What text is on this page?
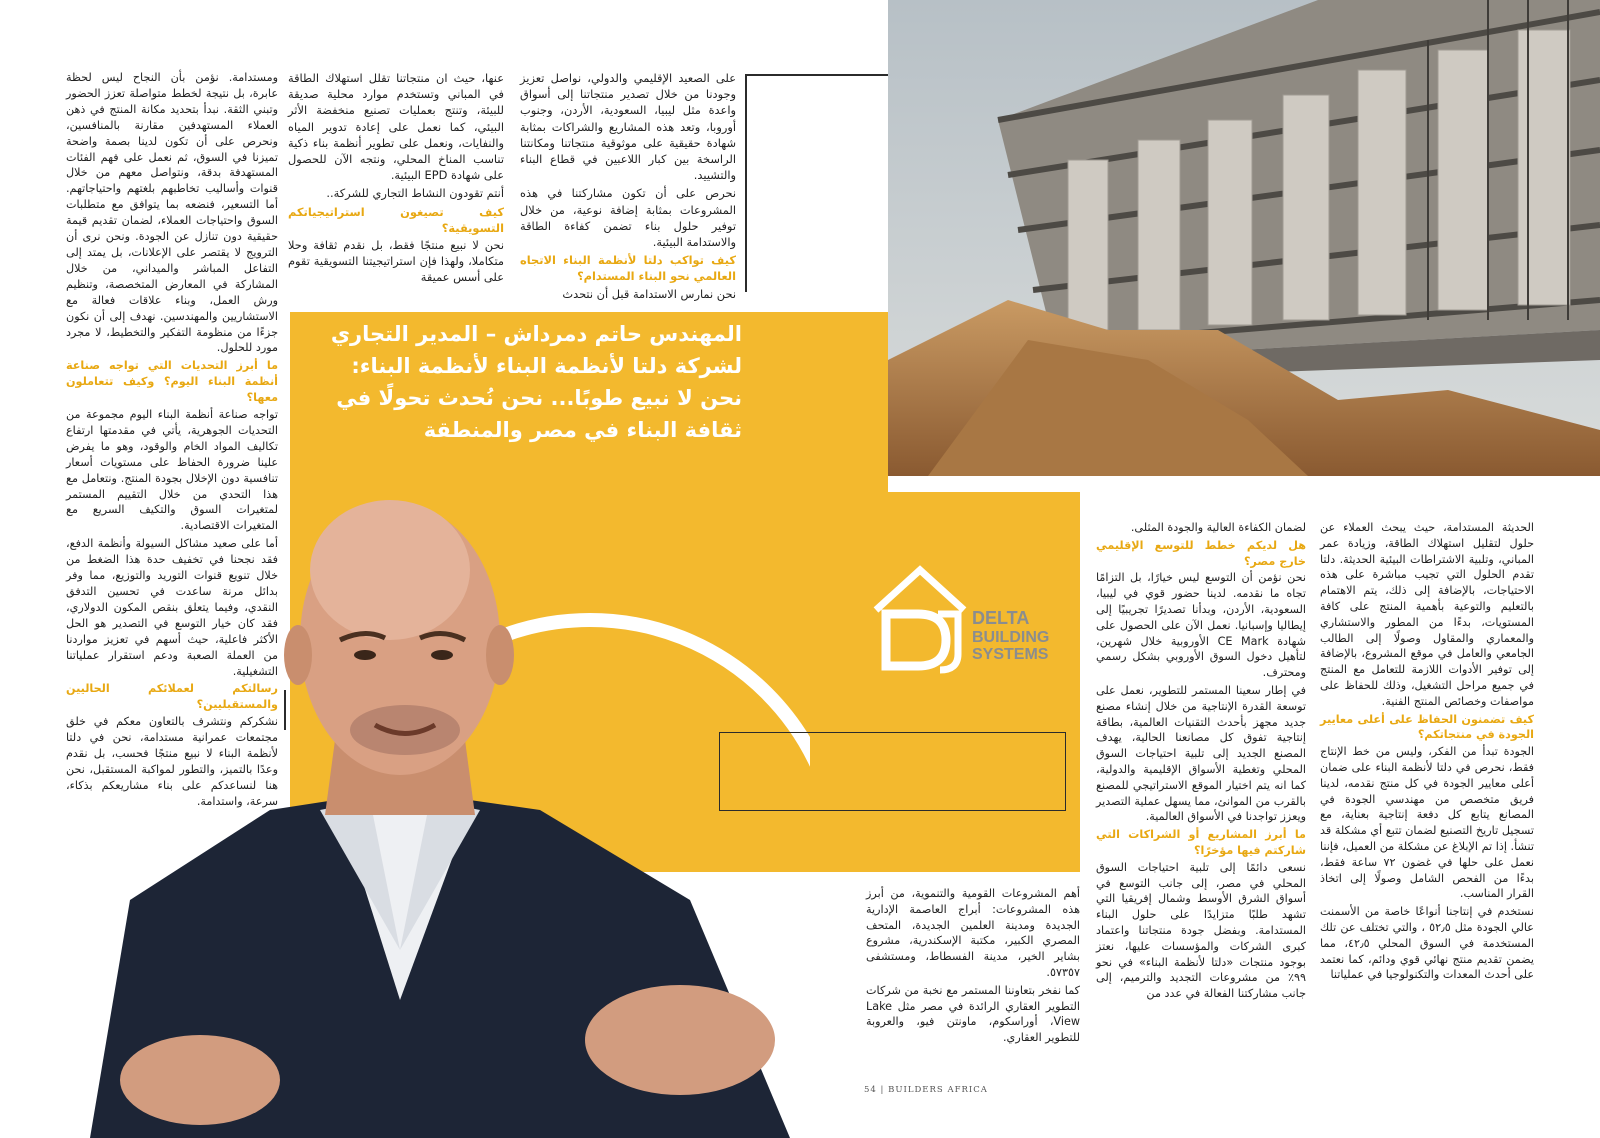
المهندس حاتم دمرداش – المدير التجاري لشركة دلتا لأنظمة البناء لأنظمة البناء: نحن لا نبيع طوبًا... نحن نُحدث تحولًا في ثقافة البناء في مصر والمنطقة

على الصعيد الإقليمي والدولي، نواصل تعزيز وجودنا من خلال تصدير منتجاتنا إلى أسواق واعدة مثل ليبيا، السعودية، الأردن، وجنوب أوروبا، وتعد هذه المشاريع والشراكات بمثابة شهادة حقيقية على موثوقية منتجاتنا ومكانتنا الراسخة بين كبار اللاعبين في قطاع البناء والتشييد.

نحرص على أن تكون مشاركتنا في هذه المشروعات بمثابة إضافة نوعية، من خلال توفير حلول بناء تضمن كفاءة الطاقة والاستدامة البيئية.

كيف تواكب دلتا لأنظمة البناء الاتجاه العالمي نحو البناء المستدام؟

نحن نمارس الاستدامة قبل أن نتحدث

عنها، حيث ان منتجاتنا تقلل استهلاك الطاقة في المباني وتستخدم موارد محلية صديقة للبيئة، وتنتج بعمليات تصنيع منخفضة الأثر البيئي، كما نعمل على إعادة تدوير المياه والنفايات، ونعمل على تطوير أنظمة بناء ذكية تناسب المناخ المحلي، ونتجه الآن للحصول على شهادة EPD البيئية.

أنتم تقودون النشاط التجاري للشركة..

كيف تصيغون استراتيجياتكم التسويقية؟

نحن لا نبيع منتجًا فقط، بل نقدم ثقافة وحلا متكاملا، ولهذا فإن استراتيجيتنا التسويقية تقوم على أسس عميقة

ومستدامة. نؤمن بأن النجاح ليس لحظة عابرة، بل نتيجة لخطط متواصلة تعزز الحضور وتبني الثقة. نبدأ بتحديد مكانة المنتج في ذهن العملاء المستهدفين مقارنة بالمنافسين، ونحرص على أن تكون لدينا بصمة واضحة تميزنا في السوق، ثم نعمل على فهم الفئات المستهدفة بدقة، ونتواصل معهم من خلال قنوات وأساليب تخاطبهم بلغتهم واحتياجاتهم. أما التسعير، فنضعه بما يتوافق مع متطلبات السوق واحتياجات العملاء، لضمان تقديم قيمة حقيقية دون تنازل عن الجودة. ونحن نرى أن الترويج لا يقتصر على الإعلانات، بل يمتد إلى التفاعل المباشر والميداني، من خلال المشاركة في المعارض المتخصصة، وتنظيم ورش العمل، وبناء علاقات فعالة مع الاستشاريين والمهندسين. نهدف إلى أن نكون جزءًا من منظومة التفكير والتخطيط، لا مجرد مورد للحلول.

ما أبرز التحديات التي تواجه صناعة أنظمة البناء اليوم؟ وكيف تتعاملون معها؟

تواجه صناعة أنظمة البناء اليوم مجموعة من التحديات الجوهرية، يأتي في مقدمتها ارتفاع تكاليف المواد الخام والوقود، وهو ما يفرض علينا ضرورة الحفاظ على مستويات أسعار تنافسية دون الإخلال بجودة المنتج. ونتعامل مع هذا التحدي من خلال التقييم المستمر لمتغيرات السوق والتكيف السريع مع المتغيرات الاقتصادية.

أما على صعيد مشاكل السيولة وأنظمة الدفع، فقد نجحنا في تخفيف حدة هذا الضغط من خلال تنويع قنوات التوريد والتوزيع، مما وفر بدائل مرنة ساعدت في تحسين التدفق النقدي، وفيما يتعلق بنقص المكون الدولاري، فقد كان خيار التوسع في التصدير هو الحل الأكثر فاعلية، حيث أسهم في تعزيز مواردنا من العملة الصعبة ودعم استقرار عملياتنا التشغيلية.

رسالتكم لعملائكم الحاليين والمستقبليين؟

نشكركم ونتشرف بالتعاون معكم في خلق مجتمعات عمرانية مستدامة، نحن في دلتا لأنظمة البناء لا نبيع منتجًا فحسب، بل نقدم وعدًا بالتميز، والتطور لمواكبة المستقبل، نحن هنا لنساعدكم على بناء مشاريعكم بذكاء، سرعة، واستدامة.

DELTA
BUILDING
SYSTEMS

الحديثة المستدامة، حيث يبحث العملاء عن حلول لتقليل استهلاك الطاقة، وزيادة عمر المباني، وتلبية الاشتراطات البيئية الحديثة. دلتا تقدم الحلول التي تجيب مباشرة على هذه الاحتياجات، بالإضافة إلى ذلك، يتم الاهتمام بالتعليم والتوعية بأهمية المنتج على كافة المستويات، بدءًا من المطور والاستشاري والمعماري والمقاول وصولًا إلى الطالب الجامعي والعامل في موقع المشروع، بالإضافة إلى توفير الأدوات اللازمة للتعامل مع المنتج في جميع مراحل التشغيل، وذلك للحفاظ على مواصفات وخصائص المنتج الفنية.

كيف تضمنون الحفاظ على أعلى معايير الجودة في منتجاتكم؟

الجودة تبدأ من الفكر، وليس من خط الإنتاج فقط، نحرص في دلتا لأنظمة البناء على ضمان أعلى معايير الجودة في كل منتج نقدمه، لدينا فريق متخصص من مهندسي الجودة في المصانع يتابع كل دفعة إنتاجية بعناية، مع تسجيل تاريخ التصنيع لضمان تتبع أي مشكلة قد تنشأ. إذا تم الإبلاغ عن مشكلة من العميل، فإننا نعمل على حلها في غضون ٧٢ ساعة فقط، بدءًا من الفحص الشامل وصولًا إلى اتخاذ القرار المناسب.

نستخدم في إنتاجنا أنواعًا خاصة من الأسمنت عالي الجودة مثل ٥٢٫٥ ، والتي تختلف عن تلك المستخدمة في السوق المحلي ٤٢٫٥، مما يضمن تقديم منتج نهائي قوي ودائم، كما نعتمد على أحدث المعدات والتكنولوجيا في عملياتنا

لضمان الكفاءة العالية والجودة المثلى.

هل لديكم خطط للتوسع الإقليمي خارج مصر؟

نحن نؤمن أن التوسع ليس خيارًا، بل التزامًا تجاه ما نقدمه. لدينا حضور قوي في ليبيا، السعودية، الأردن، وبدأنا تصديرًا تجريبيًا إلى إيطاليا وإسبانيا. نعمل الآن على الحصول على شهادة CE Mark الأوروبية خلال شهرين، لتأهيل دخول السوق الأوروبي بشكل رسمي ومحترف.

في إطار سعينا المستمر للتطوير، نعمل على توسعة القدرة الإنتاجية من خلال إنشاء مصنع جديد مجهز بأحدث التقنيات العالمية، بطاقة إنتاجية تفوق كل مصانعنا الحالية، يهدف المصنع الجديد إلى تلبية احتياجات السوق المحلي وتغطية الأسواق الإقليمية والدولية، كما انه يتم اختيار الموقع الاستراتيجي للمصنع بالقرب من الموانئ، مما يسهل عملية التصدير ويعزز تواجدنا في الأسواق العالمية.

ما أبرز المشاريع أو الشراكات التي شاركتم فيها مؤخرًا؟

نسعى دائمًا إلى تلبية احتياجات السوق المحلي في مصر، إلى جانب التوسع في أسواق الشرق الأوسط وشمال إفريقيا التي تشهد طلبًا متزايدًا على حلول البناء المستدامة. وبفضل جودة منتجاتنا واعتماد كبرى الشركات والمؤسسات عليها، نعتز بوجود منتجات «دلتا لأنظمة البناء» في نحو ٩٩٪ من مشروعات التجديد والترميم، إلى جانب مشاركتنا الفعالة في عدد من

أهم المشروعات القومية والتنموية، من أبرز هذه المشروعات: أبراج العاصمة الإدارية الجديدة ومدينة العلمين الجديدة، المتحف المصري الكبير، مكتبة الإسكندرية، مشروع بشاير الخير، مدينة الفسطاط، ومستشفى ٥٧٣٥٧.

كما نفخر بتعاوننا المستمر مع نخبة من شركات التطوير العقاري الرائدة في مصر مثل Lake View، أوراسكوم، ماونتن فيو، والعروبة للتطوير العقاري.

54 | BUILDERS AFRICA
